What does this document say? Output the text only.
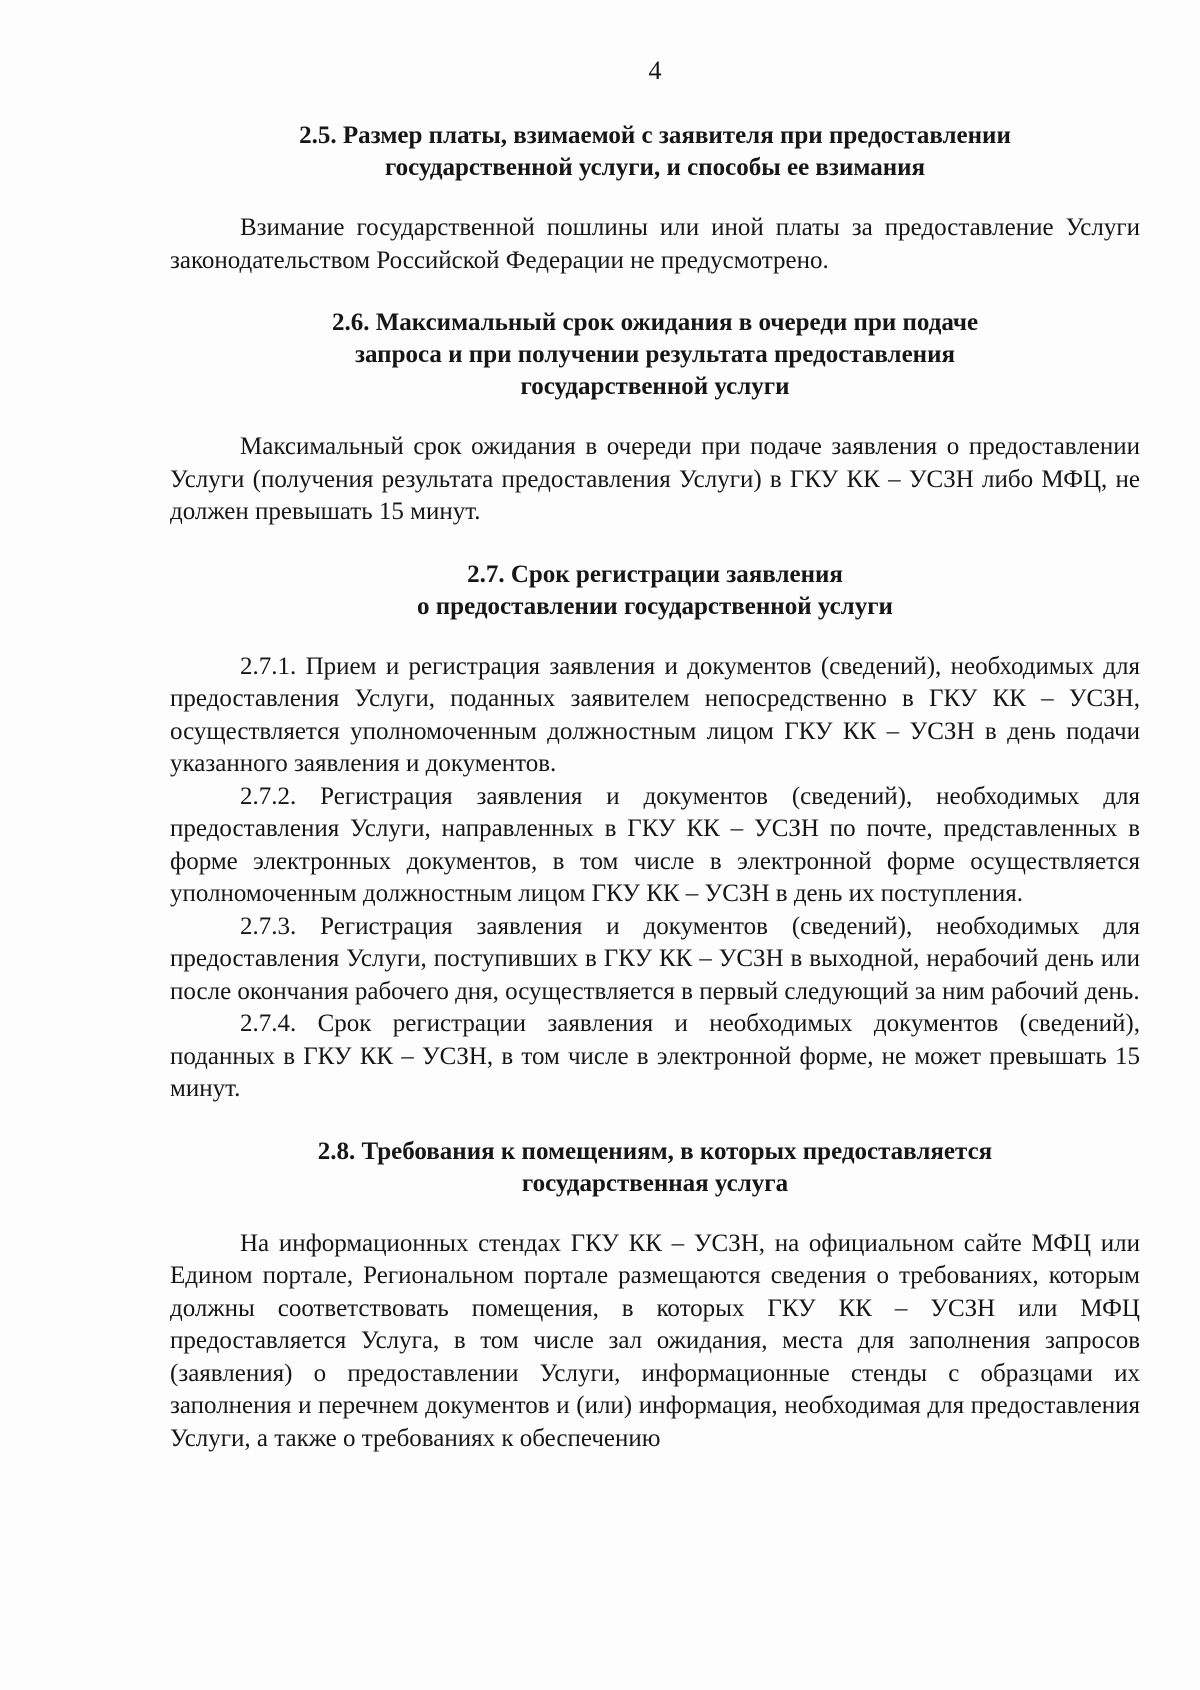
4
2.5. Размер платы, взимаемой с заявителя при предоставлении
государственной услуги, и способы ее взимания

Взимание государственной пошлины или иной платы за предоставление Услуги законодательством Российской Федерации не предусмотрено.

2.6. Максимальный срок ожидания в очереди при подаче
запроса и при получении результата предоставления
государственной услуги

Максимальный срок ожидания в очереди при подаче заявления о предоставлении Услуги (получения результата предоставления Услуги) в ГКУ КК – УСЗН либо МФЦ, не должен превышать 15 минут.

2.7. Срок регистрации заявления
о предоставлении государственной услуги

2.7.1. Прием и регистрация заявления и документов (сведений), необходимых для предоставления Услуги, поданных заявителем непосредственно в ГКУ КК – УСЗН, осуществляется уполномоченным должностным лицом ГКУ КК – УСЗН в день подачи указанного заявления и документов.

2.7.2. Регистрация заявления и документов (сведений), необходимых для предоставления Услуги, направленных в ГКУ КК – УСЗН по почте, представленных в форме электронных документов, в том числе в электронной форме осуществляется уполномоченным должностным лицом ГКУ КК – УСЗН в день их поступления.

2.7.3. Регистрация заявления и документов (сведений), необходимых для предоставления Услуги, поступивших в ГКУ КК – УСЗН в выходной, нерабочий день или после окончания рабочего дня, осуществляется в первый следующий за ним рабочий день.

2.7.4. Срок регистрации заявления и необходимых документов (сведений), поданных в ГКУ КК – УСЗН, в том числе в электронной форме, не может превышать 15 минут.

2.8. Требования к помещениям, в которых предоставляется
государственная услуга

На информационных стендах ГКУ КК – УСЗН, на официальном сайте МФЦ или Едином портале, Региональном портале размещаются сведения о требованиях, которым должны соответствовать помещения, в которых ГКУ КК – УСЗН или МФЦ предоставляется Услуга, в том числе зал ожидания, места для заполнения запросов (заявления) о предоставлении Услуги, информационные стенды с образцами их заполнения и перечнем документов и (или) информация, необходимая для предоставления Услуги, а также о требованиях к обеспечению
